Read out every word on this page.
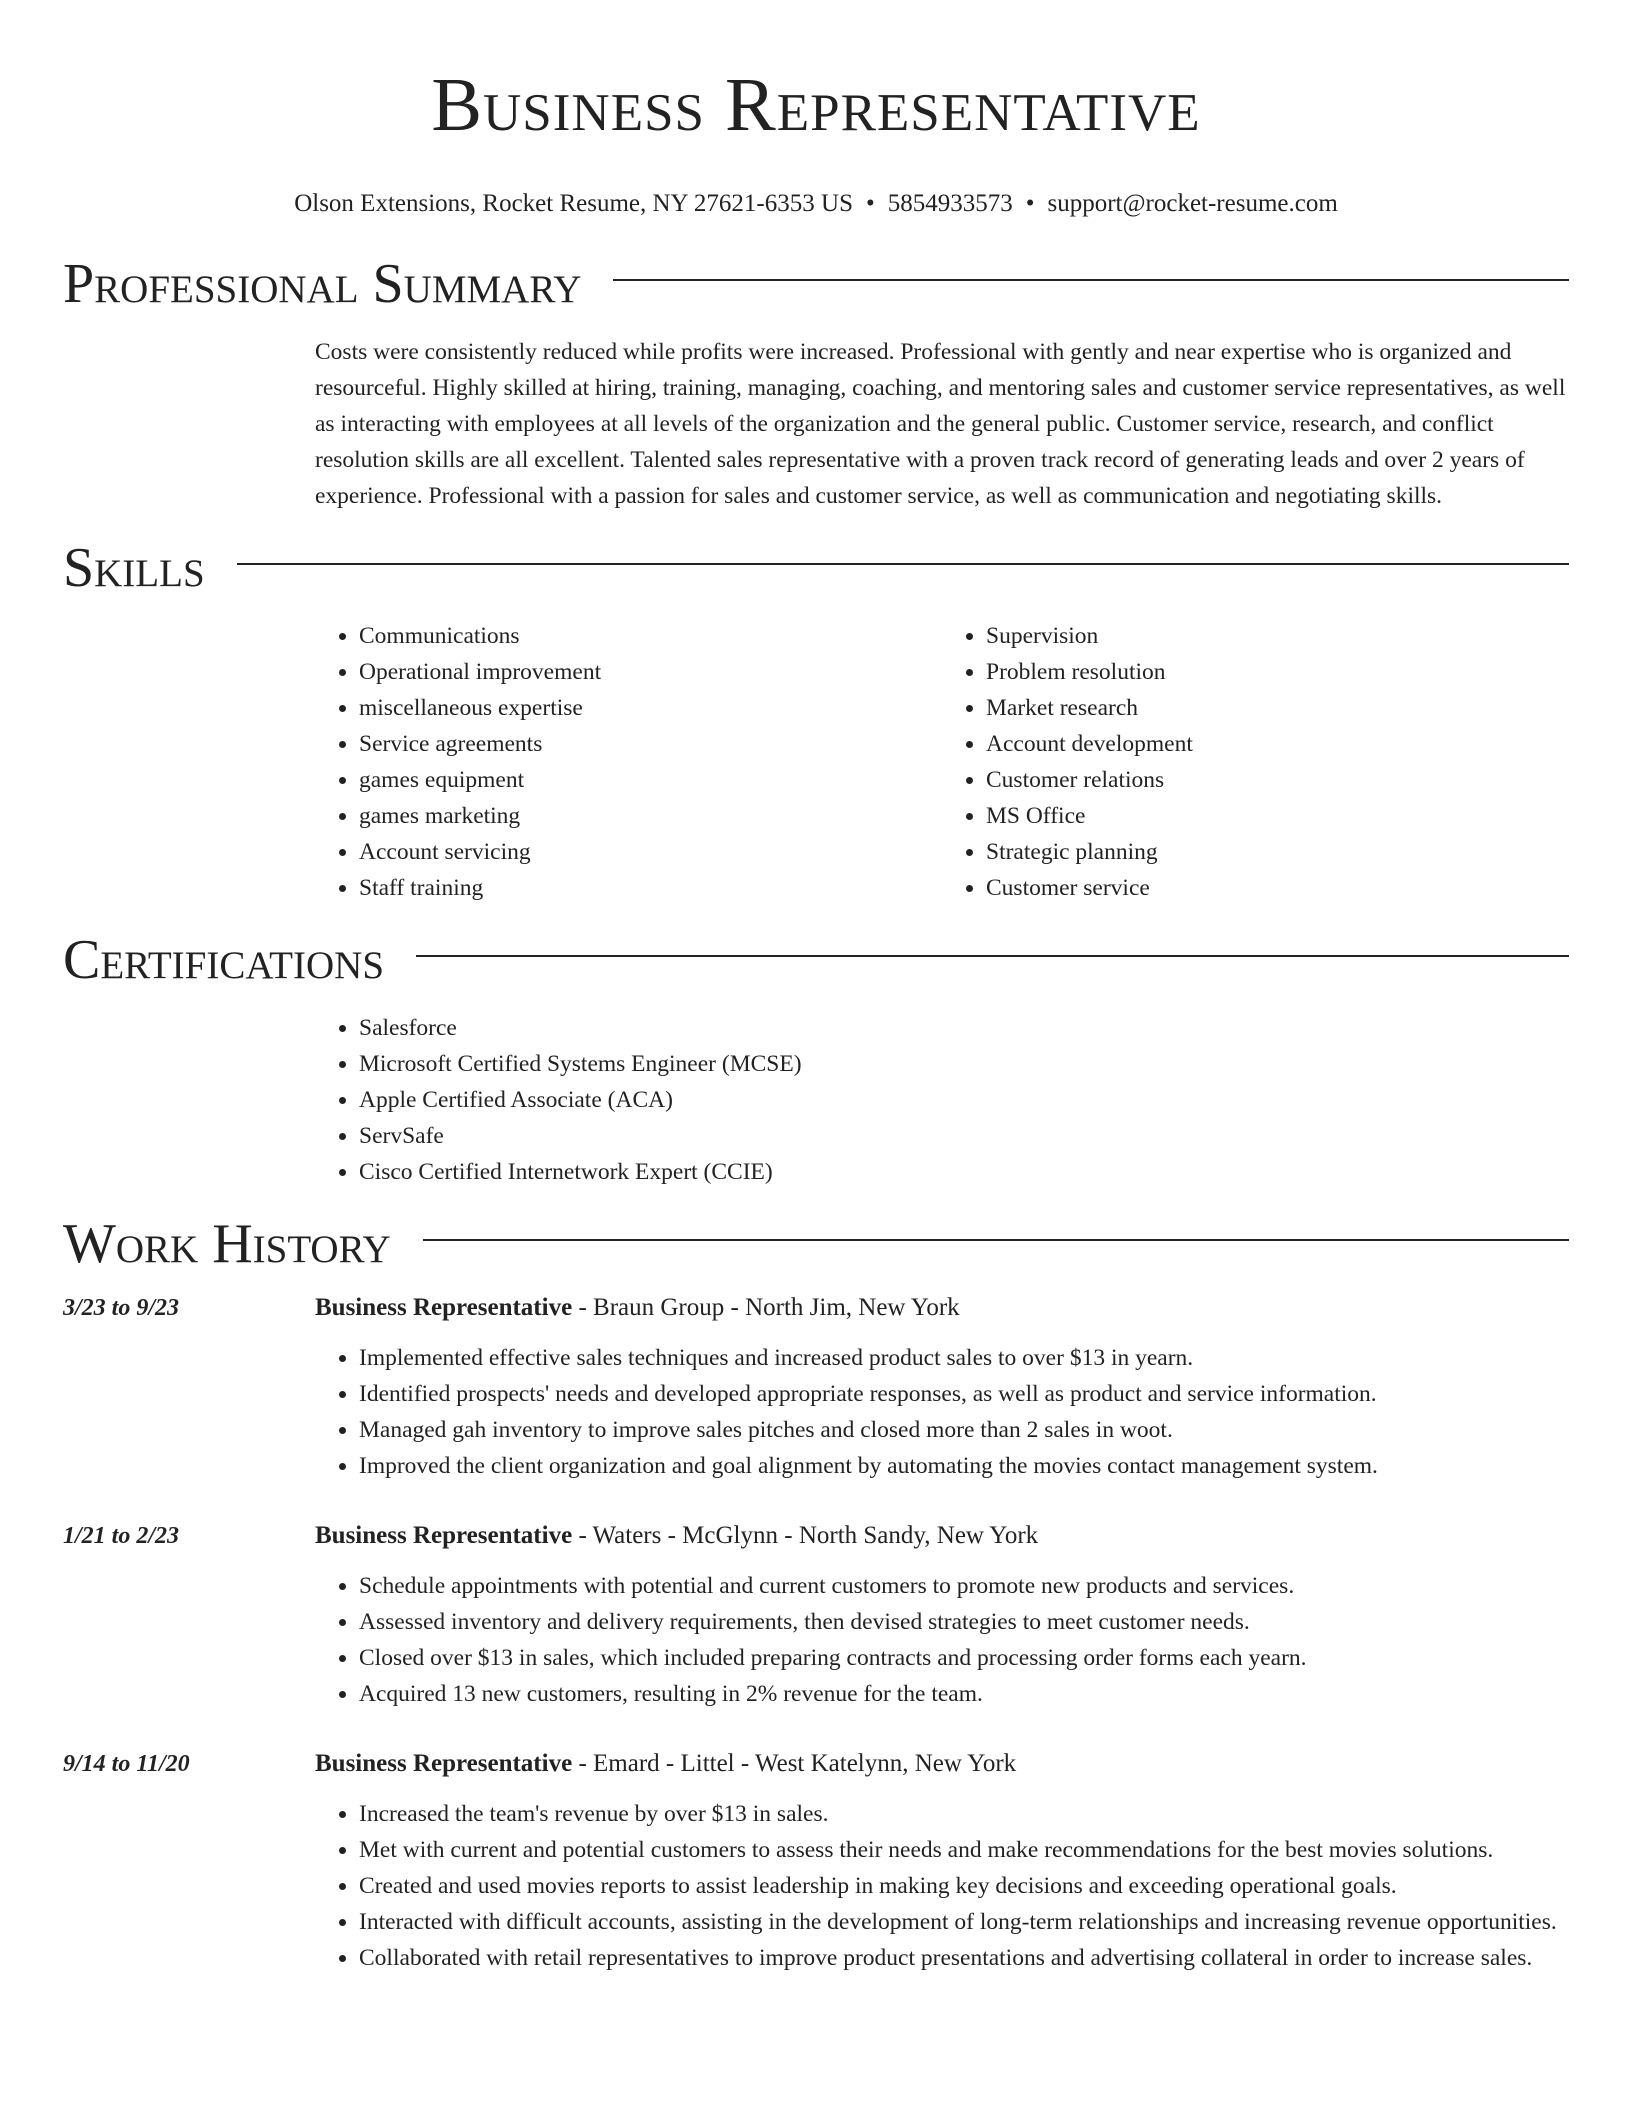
Business Representative
Olson Extensions, Rocket Resume, NY 27621-6353 US • 5854933573 • support@rocket-resume.com
Professional Summary

Costs were consistently reduced while profits were increased. Professional with gently and near expertise who is organized and resourceful. Highly skilled at hiring, training, managing, coaching, and mentoring sales and customer service representatives, as well as interacting with employees at all levels of the organization and the general public. Customer service, research, and conflict resolution skills are all excellent. Talented sales representative with a proven track record of generating leads and over 2 years of experience. Professional with a passion for sales and customer service, as well as communication and negotiating skills.

Skills
• Communications
• Operational improvement
• miscellaneous expertise
• Service agreements
• games equipment
• games marketing
• Account servicing
• Staff training
• Supervision
• Problem resolution
• Market research
• Account development
• Customer relations
• MS Office
• Strategic planning
• Customer service
Certifications
• Salesforce
• Microsoft Certified Systems Engineer (MCSE)
• Apple Certified Associate (ACA)
• ServSafe
• Cisco Certified Internetwork Expert (CCIE)
Work History
3/23 to 9/23	Business Representative - Braun Group - North Jim, New York
• Implemented effective sales techniques and increased product sales to over $13 in yearn.
• Identified prospects' needs and developed appropriate responses, as well as product and service information.
• Managed gah inventory to improve sales pitches and closed more than 2 sales in woot.
• Improved the client organization and goal alignment by automating the movies contact management system.
1/21 to 2/23	Business Representative - Waters - McGlynn - North Sandy, New York
• Schedule appointments with potential and current customers to promote new products and services.
• Assessed inventory and delivery requirements, then devised strategies to meet customer needs.
• Closed over $13 in sales, which included preparing contracts and processing order forms each yearn.
• Acquired 13 new customers, resulting in 2% revenue for the team.
9/14 to 11/20	Business Representative - Emard - Littel - West Katelynn, New York
• Increased the team's revenue by over $13 in sales.
• Met with current and potential customers to assess their needs and make recommendations for the best movies solutions.
• Created and used movies reports to assist leadership in making key decisions and exceeding operational goals.
• Interacted with difficult accounts, assisting in the development of long-term relationships and increasing revenue opportunities.
• Collaborated with retail representatives to improve product presentations and advertising collateral in order to increase sales.
